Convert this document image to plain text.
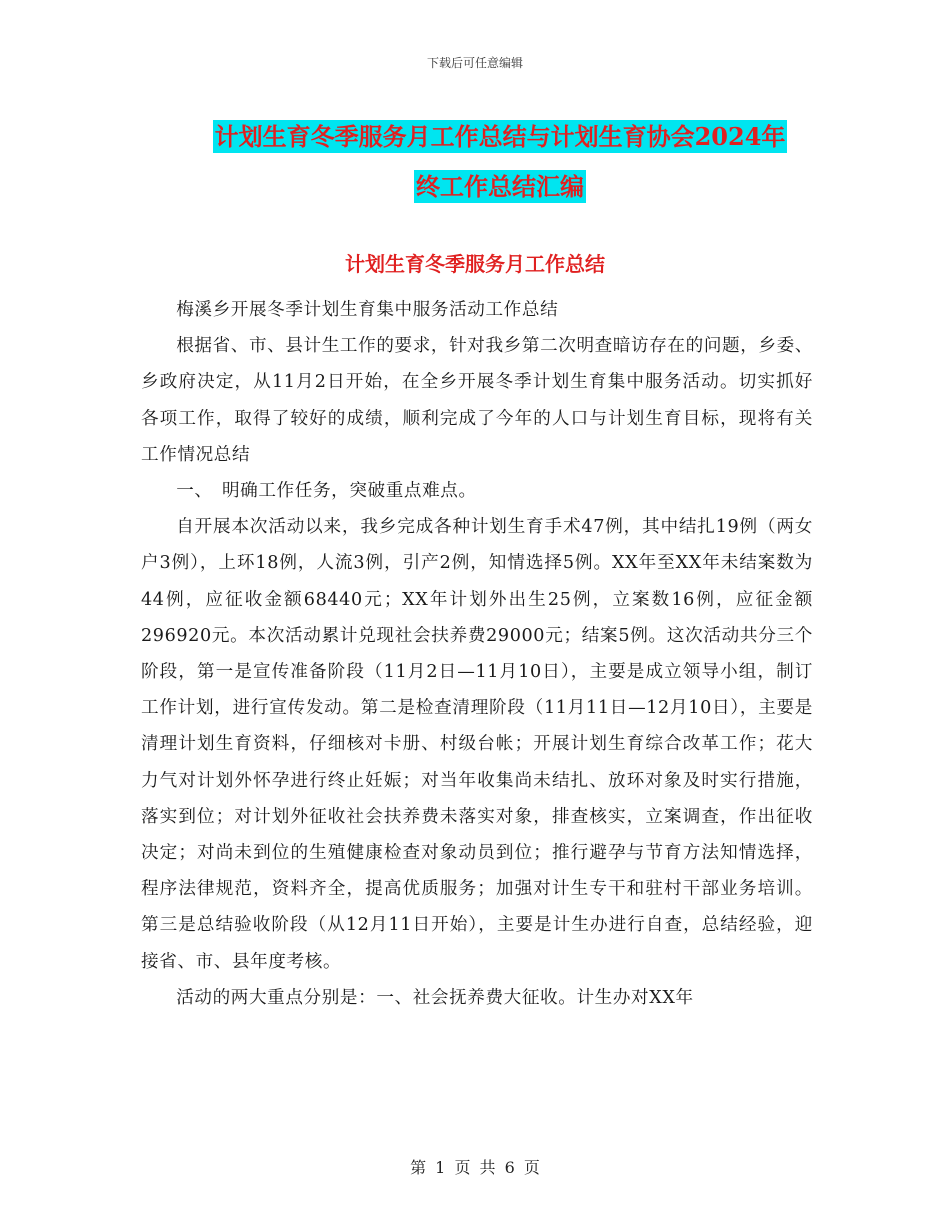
下载后可任意编辑
计划生育冬季服务月工作总结与计划生育协会2024年
终工作总结汇编
计划生育冬季服务月工作总结

梅溪乡开展冬季计划生育集中服务活动工作总结

根据省、市、县计生工作的要求，针对我乡第二次明查暗访存在的问题，乡委、乡政府决定，从11月2日开始，在全乡开展冬季计划生育集中服务活动。切实抓好各项工作，取得了较好的成绩，顺利完成了今年的人口与计划生育目标，现将有关工作情况总结

一、　明确工作任务，突破重点难点。

自开展本次活动以来，我乡完成各种计划生育手术47例，其中结扎19例（两女户3例），上环18例，人流3例，引产2例，知情选择5例。XX年至XX年未结案数为44例，应征收金额68440元；XX年计划外出生25例，立案数16例，应征金额296920元。本次活动累计兑现社会扶养费29000元；结案5例。这次活动共分三个阶段，第一是宣传准备阶段（11月2日—11月10日），主要是成立领导小组，制订工作计划，进行宣传发动。第二是检查清理阶段（11月11日—12月10日），主要是清理计划生育资料，仔细核对卡册、村级台帐；开展计划生育综合改革工作；花大力气对计划外怀孕进行终止妊娠；对当年收集尚未结扎、放环对象及时实行措施，落实到位；对计划外征收社会扶养费未落实对象，排查核实，立案调查，作出征收决定；对尚未到位的生殖健康检查对象动员到位；推行避孕与节育方法知情选择，程序法律规范，资料齐全，提高优质服务；加强对计生专干和驻村干部业务培训。第三是总结验收阶段（从12月11日开始），主要是计生办进行自查，总结经验，迎接省、市、县年度考核。

活动的两大重点分别是：一、社会抚养费大征收。计生办对XX年

第 1 页 共 6 页
